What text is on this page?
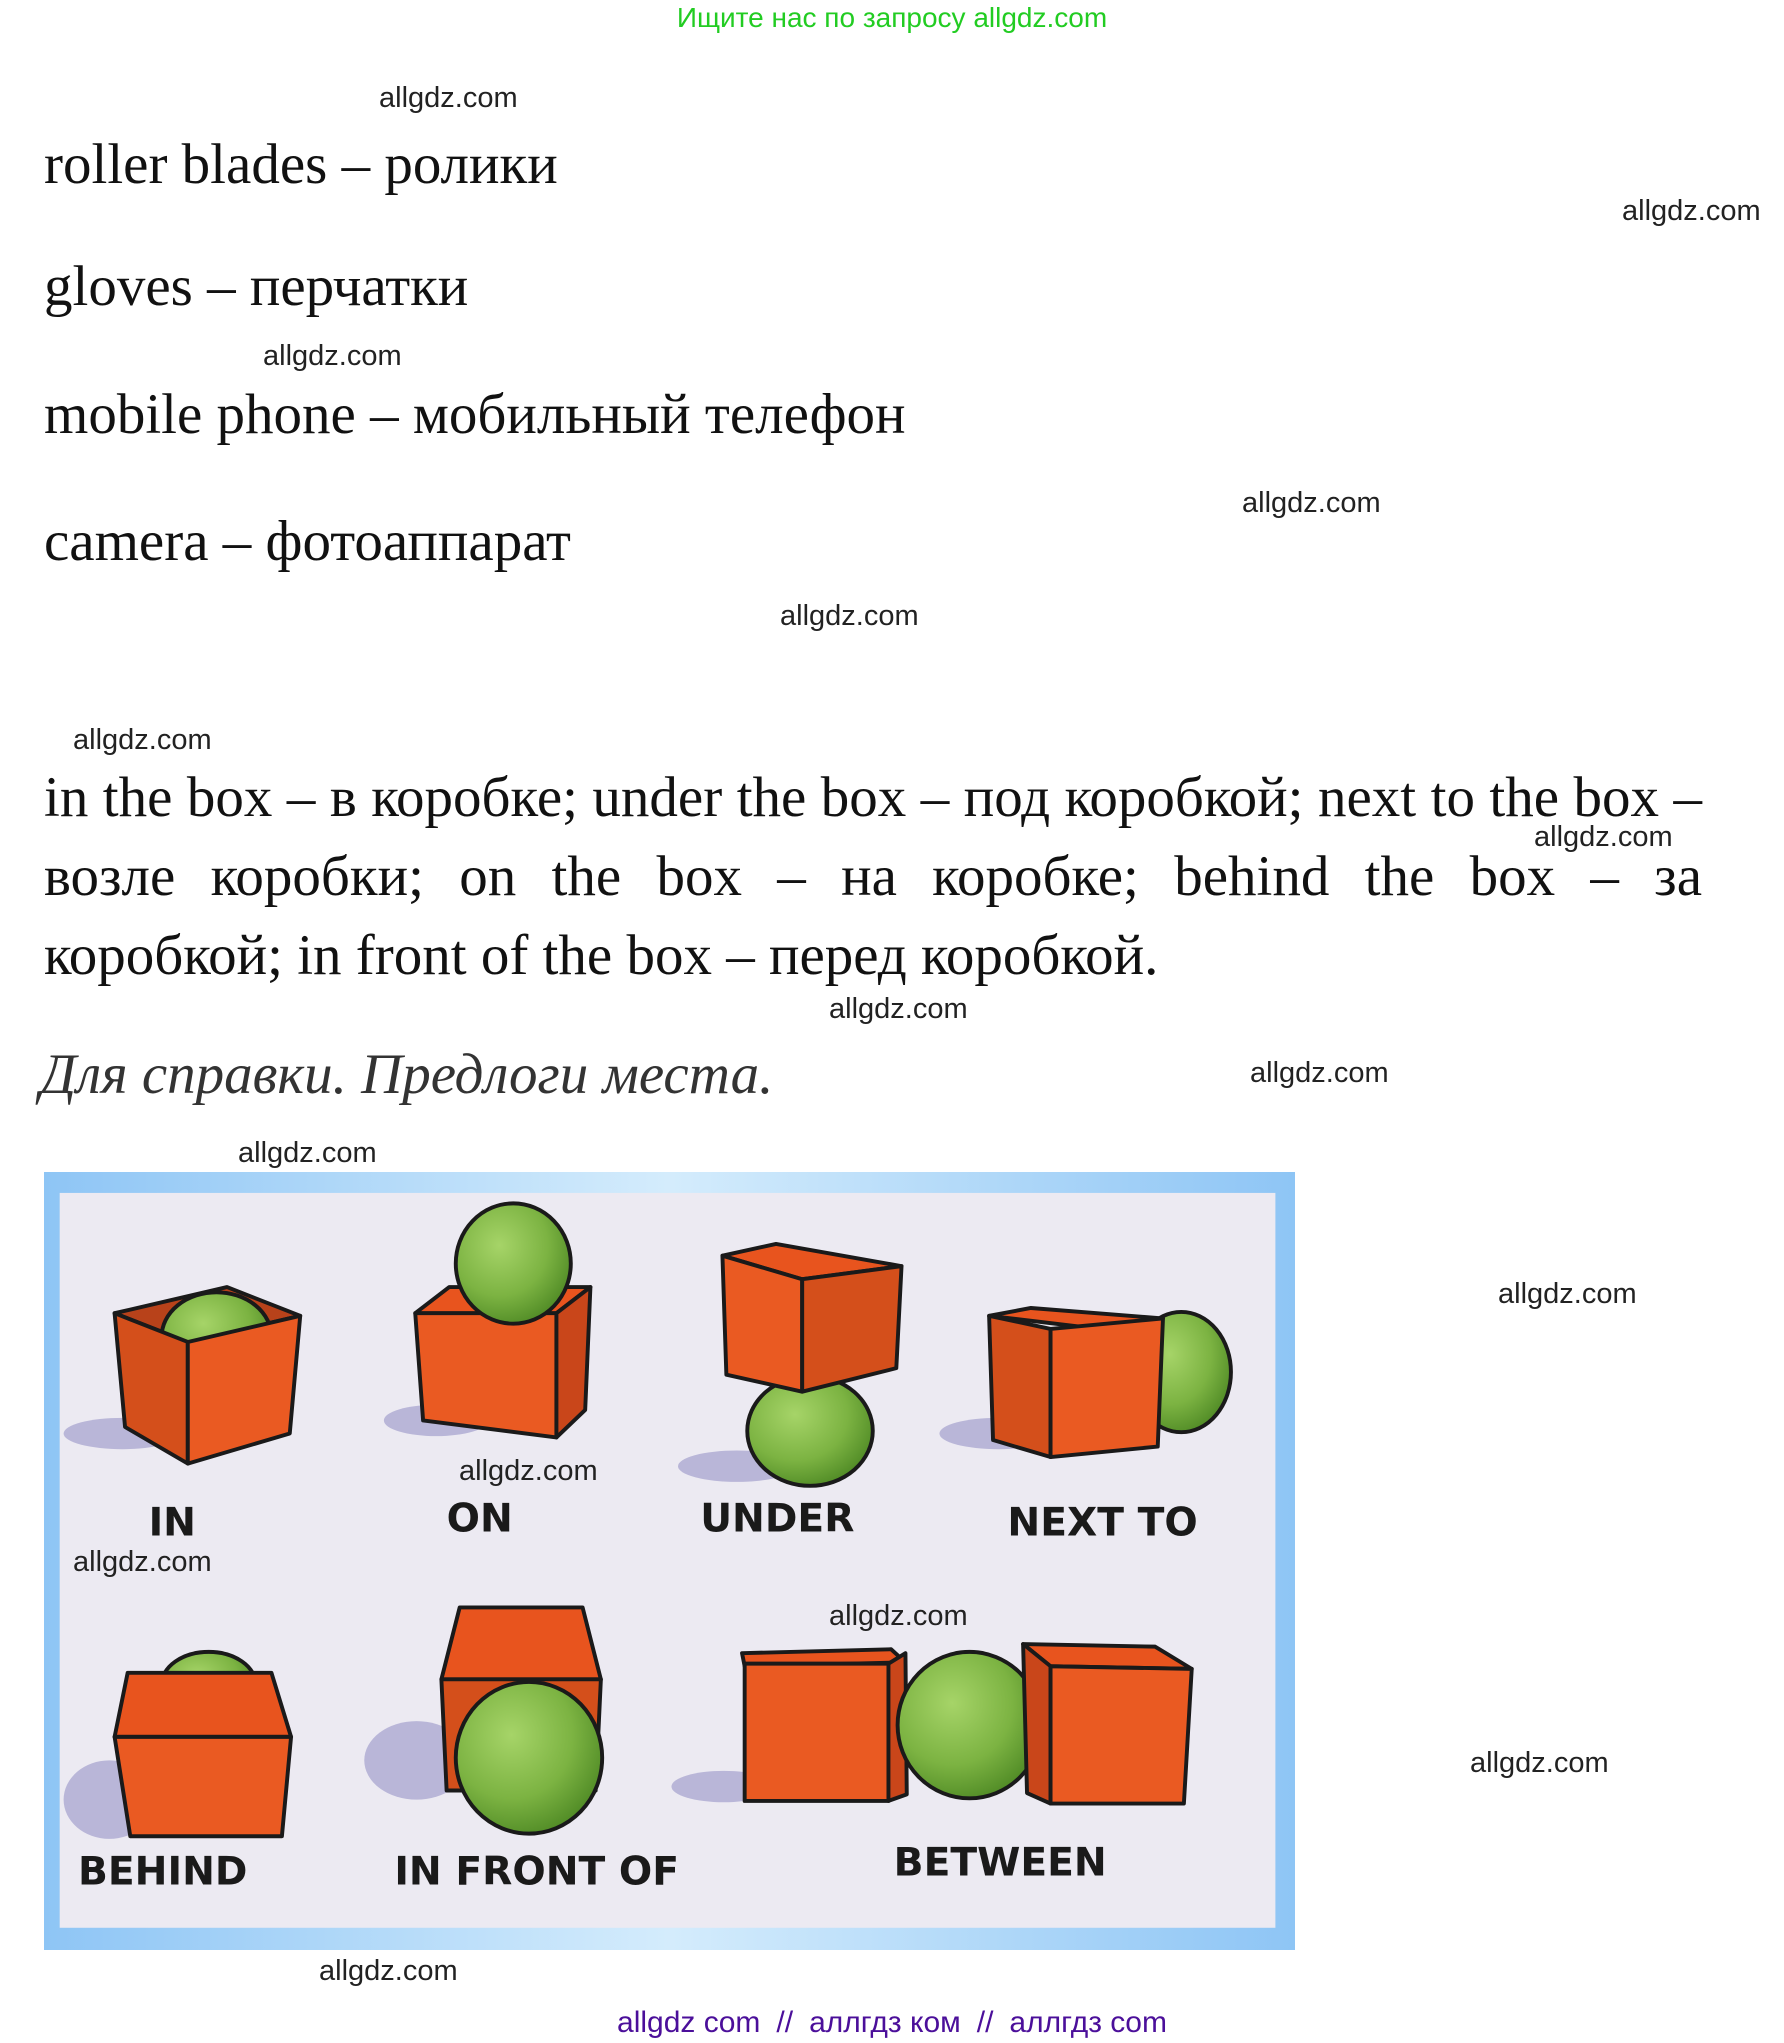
Ищите нас по запросу allgdz.com
roller blades – ролики
gloves – перчатки
mobile phone – мобильный телефон
camera – фотоаппарат
in the box – в коробке; under the box – под коробкой; next to the box – возле коробки; on the box – на коробке; behind the box – за коробкой; in front of the box – перед коробкой.
Для справки. Предлоги места.
IN	ON	UNDER	NEXT TO
BEHIND	IN FRONT OF	BETWEEN
allgdz.com
allgdz.com
allgdz.com
allgdz.com
allgdz.com
allgdz.com
allgdz.com
allgdz.com
allgdz.com
allgdz.com
allgdz.com
allgdz.com
allgdz.com
allgdz.com
allgdz.com
allgdz.com
allgdz com // аллгдз ком // аллгдз com
